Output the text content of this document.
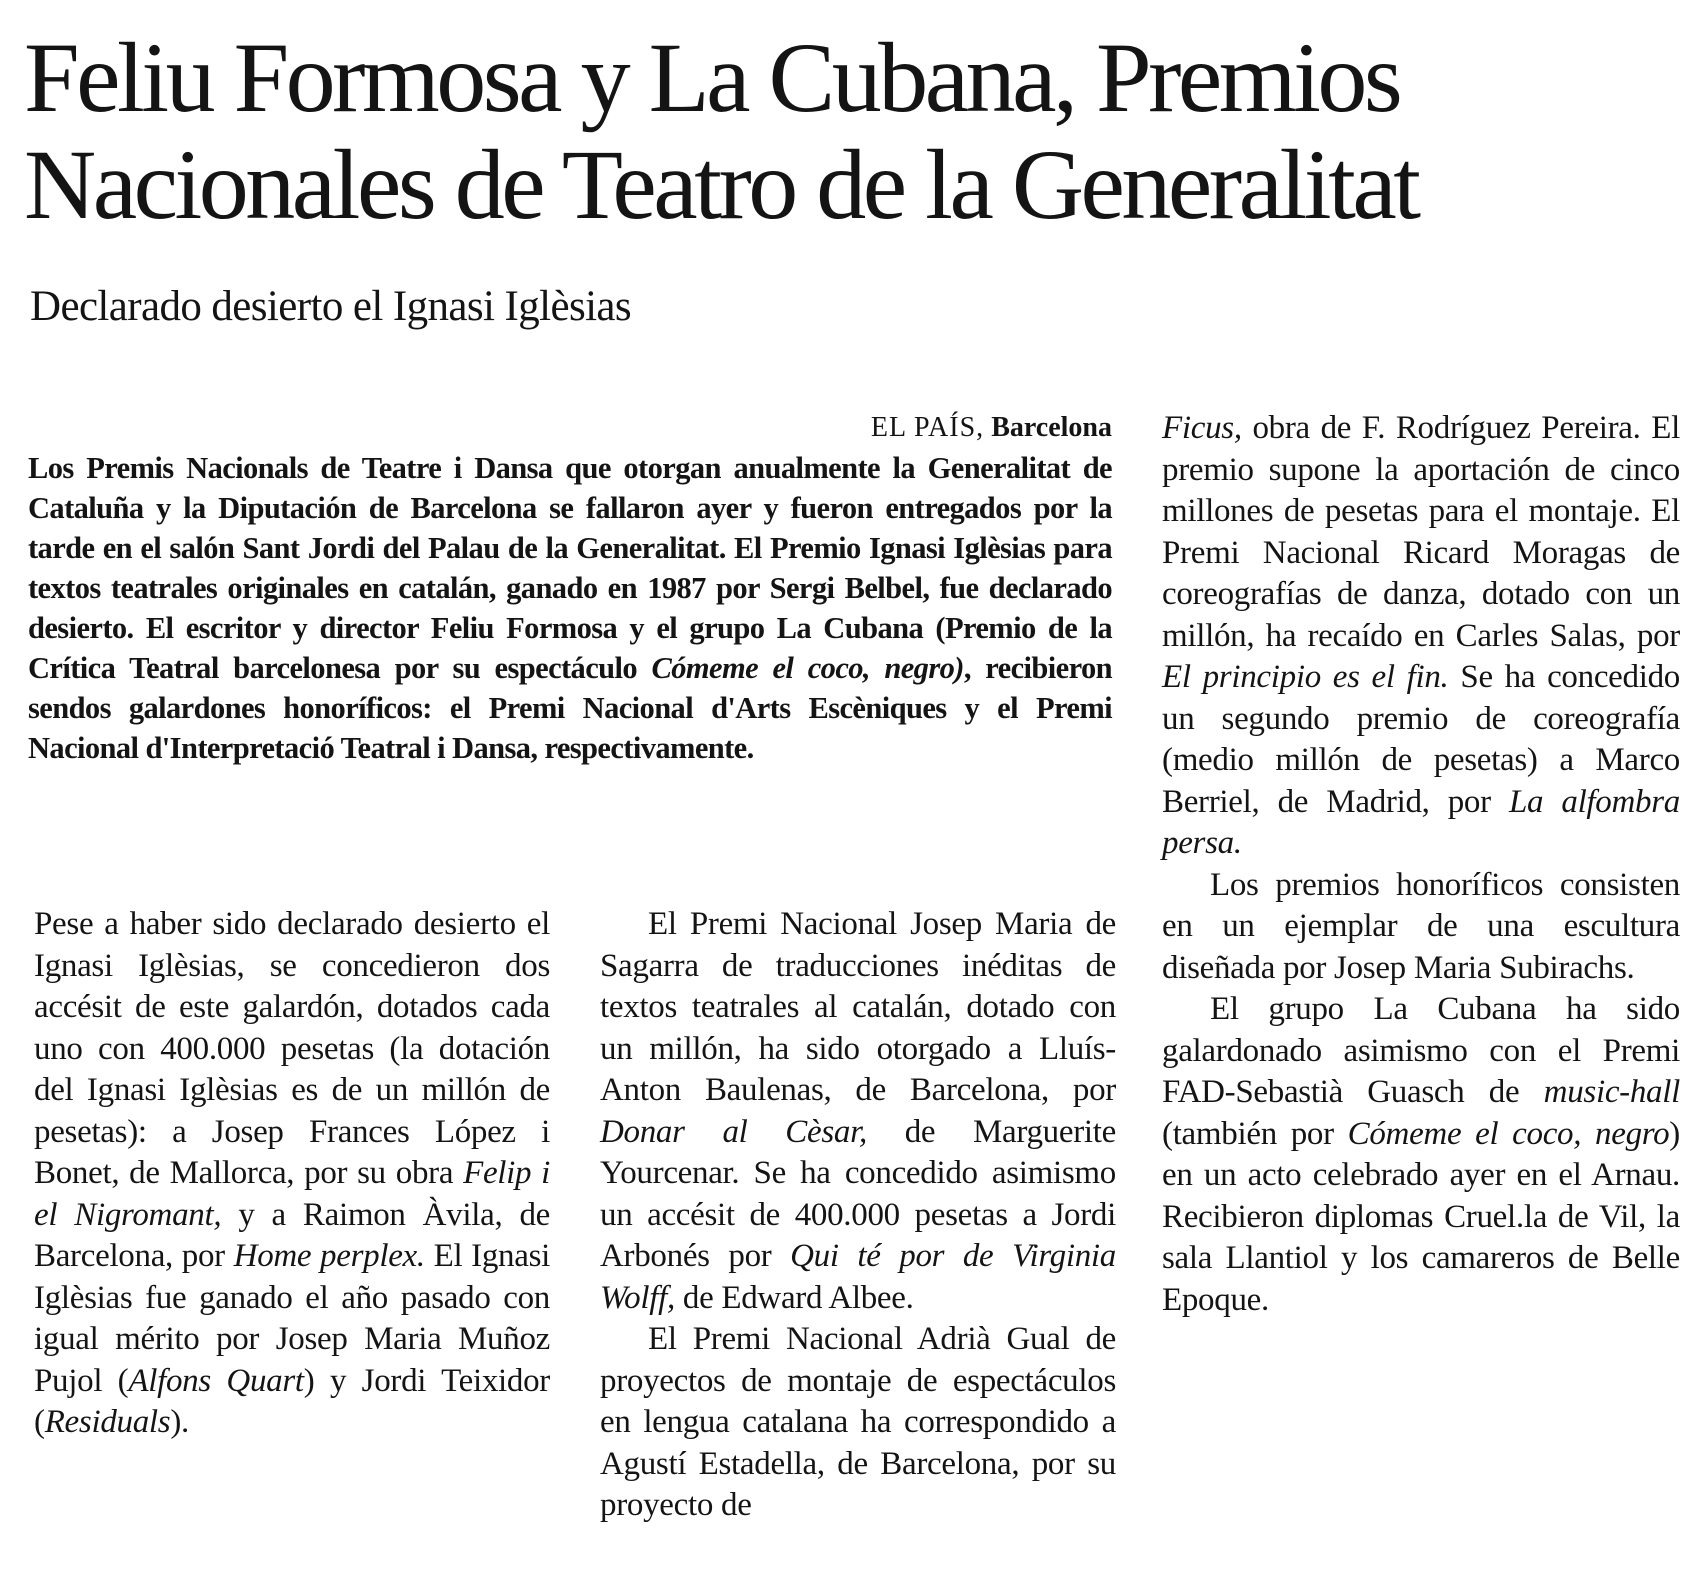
Feliu Formosa y La Cubana, Premios
Nacionales de Teatro de la Generalitat
Declarado desierto el Ignasi Iglèsias
EL PAÍS, Barcelona

Los Premis Nacionals de Teatre i Dansa que otorgan anualmente la Generalitat de Cataluña y la Diputación de Barcelona se fallaron ayer y fueron entregados por la tarde en el salón Sant Jordi del Palau de la Generalitat. El Premio Ignasi Iglèsias para textos teatrales originales en catalán, ganado en 1987 por Sergi Belbel, fue declarado desierto. El escritor y director Feliu Formosa y el grupo La Cubana (Premio de la Crítica Teatral barcelonesa por su espectáculo Cómeme el coco, negro), recibieron sendos galardones honoríficos: el Premi Nacional d'Arts Escèniques y el Premi Nacional d'Interpretació Teatral i Dansa, respectivamente.

Pese a haber sido declarado desierto el Ignasi Iglèsias, se concedieron dos accésit de este galardón, dotados cada uno con 400.000 pesetas (la dotación del Ignasi Iglèsias es de un millón de pesetas): a Josep Frances López i Bonet, de Mallorca, por su obra Felip i el Nigromant, y a Raimon Àvila, de Barcelona, por Home perplex. El Ignasi Iglèsias fue ganado el año pasado con igual mérito por Josep Maria Muñoz Pujol (Alfons Quart) y Jordi Teixidor (Residuals).

El Premi Nacional Josep Maria de Sagarra de traducciones inéditas de textos teatrales al catalán, dotado con un millón, ha sido otorgado a Lluís-Anton Baulenas, de Barcelona, por Donar al Cèsar, de Marguerite Yourcenar. Se ha concedido asimismo un accésit de 400.000 pesetas a Jordi Arbonés por Qui té por de Virginia Wolff, de Edward Albee.

El Premi Nacional Adrià Gual de proyectos de montaje de espectáculos en lengua catalana ha correspondido a Agustí Estadella, de Barcelona, por su proyecto de

Ficus, obra de F. Rodríguez Pereira. El premio supone la aportación de cinco millones de pesetas para el montaje. El Premi Nacional Ricard Moragas de coreografías de danza, dotado con un millón, ha recaído en Carles Salas, por El principio es el fin. Se ha concedido un segundo premio de coreografía (medio millón de pesetas) a Marco Berriel, de Madrid, por La alfombra persa.

Los premios honoríficos consisten en un ejemplar de una escultura diseñada por Josep Maria Subirachs.

El grupo La Cubana ha sido galardonado asimismo con el Premi FAD-Sebastià Guasch de music-hall (también por Cómeme el coco, negro) en un acto celebrado ayer en el Arnau. Recibieron diplomas Cruel.la de Vil, la sala Llantiol y los camareros de Belle Epoque.
